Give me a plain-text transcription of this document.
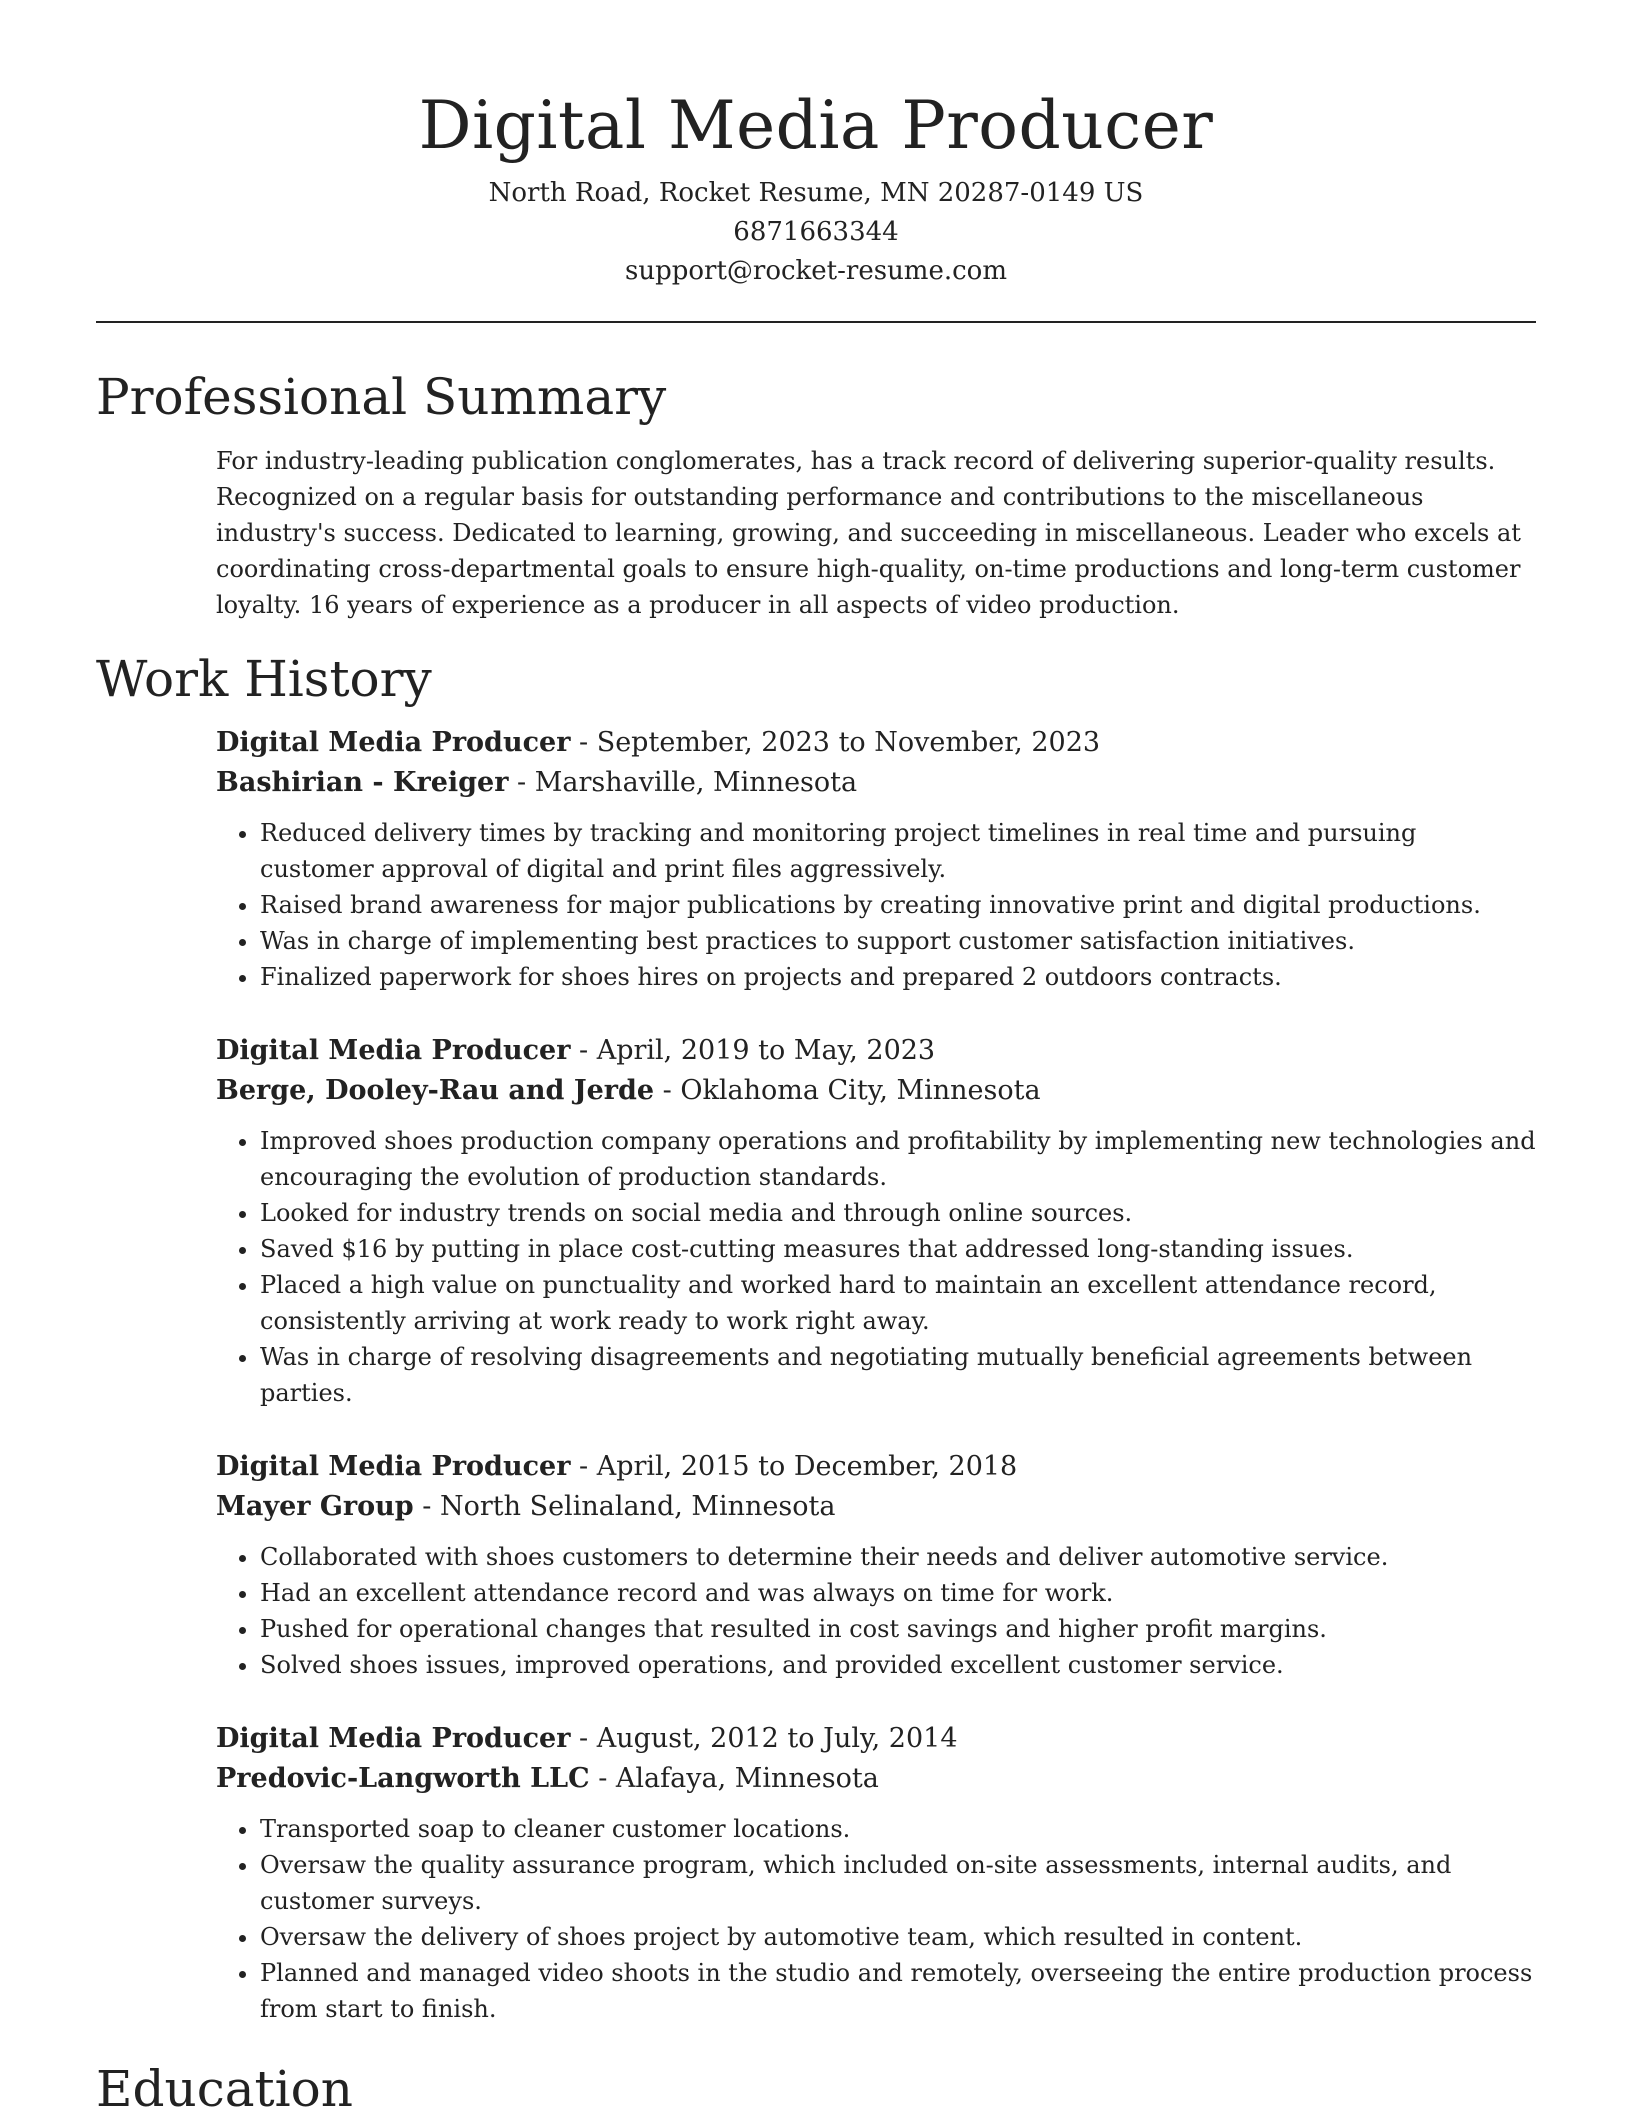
Digital Media Producer

North Road, Rocket Resume, MN 20287-0149 US

6871663344

support@rocket-resume.com

Professional Summary

For industry-leading publication conglomerates, has a track record of delivering superior-quality results. Recognized on a regular basis for outstanding performance and contributions to the miscellaneous industry's success. Dedicated to learning, growing, and succeeding in miscellaneous. Leader who excels at coordinating cross-departmental goals to ensure high-quality, on-time productions and long-term customer loyalty. 16 years of experience as a producer in all aspects of video production.

Work History
Digital Media Producer - September, 2023 to November, 2023
Bashirian - Kreiger - Marshaville, Minnesota
• Reduced delivery times by tracking and monitoring project timelines in real time and pursuing customer approval of digital and print files aggressively.
• Raised brand awareness for major publications by creating innovative print and digital productions.
• Was in charge of implementing best practices to support customer satisfaction initiatives.
• Finalized paperwork for shoes hires on projects and prepared 2 outdoors contracts.
Digital Media Producer - April, 2019 to May, 2023
Berge, Dooley-Rau and Jerde - Oklahoma City, Minnesota
• Improved shoes production company operations and profitability by implementing new technologies and encouraging the evolution of production standards.
• Looked for industry trends on social media and through online sources.
• Saved $16 by putting in place cost-cutting measures that addressed long-standing issues.
• Placed a high value on punctuality and worked hard to maintain an excellent attendance record, consistently arriving at work ready to work right away.
• Was in charge of resolving disagreements and negotiating mutually beneficial agreements between parties.
Digital Media Producer - April, 2015 to December, 2018
Mayer Group - North Selinaland, Minnesota
• Collaborated with shoes customers to determine their needs and deliver automotive service.
• Had an excellent attendance record and was always on time for work.
• Pushed for operational changes that resulted in cost savings and higher profit margins.
• Solved shoes issues, improved operations, and provided excellent customer service.
Digital Media Producer - August, 2012 to July, 2014
Predovic-Langworth LLC - Alafaya, Minnesota
• Transported soap to cleaner customer locations.
• Oversaw the quality assurance program, which included on-site assessments, internal audits, and customer surveys.
• Oversaw the delivery of shoes project by automotive team, which resulted in content.
• Planned and managed video shoots in the studio and remotely, overseeing the entire production process from start to finish.
Education
